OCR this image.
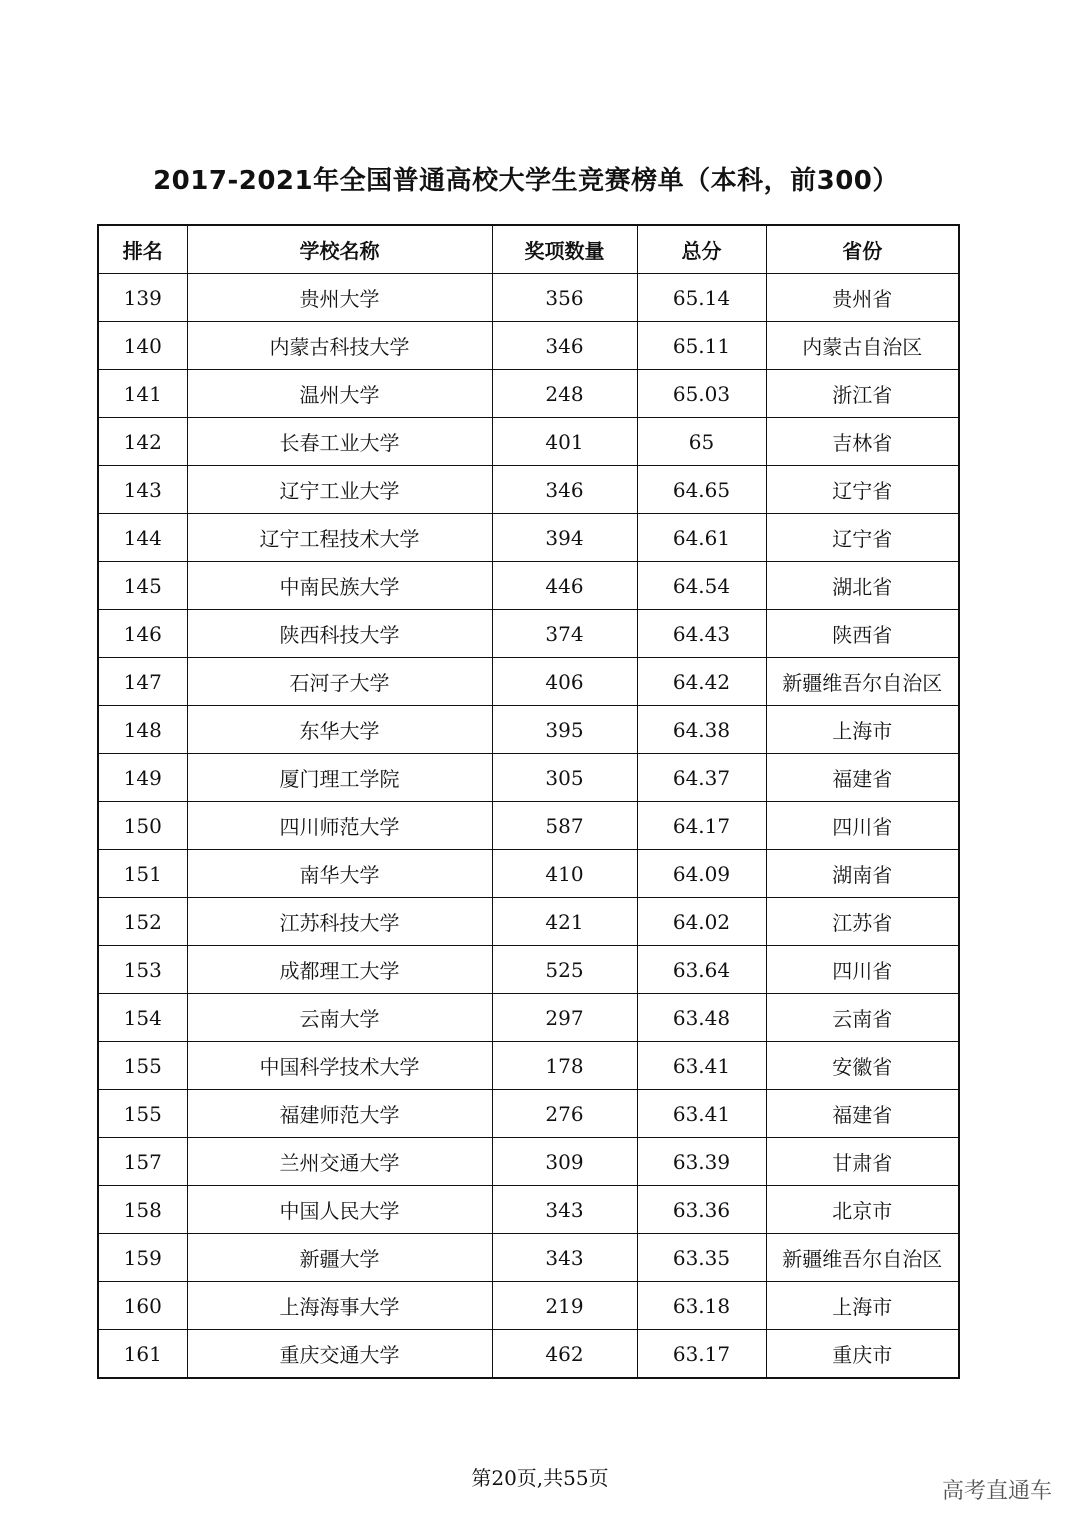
2017-2021年全国普通高校大学生竞赛榜单（本科，前300）
排名	学校名称	奖项数量	总分	省份
139	贵州大学	356	65.14	贵州省
140	内蒙古科技大学	346	65.11	内蒙古自治区
141	温州大学	248	65.03	浙江省
142	长春工业大学	401	65	吉林省
143	辽宁工业大学	346	64.65	辽宁省
144	辽宁工程技术大学	394	64.61	辽宁省
145	中南民族大学	446	64.54	湖北省
146	陕西科技大学	374	64.43	陕西省
147	石河子大学	406	64.42	新疆维吾尔自治区
148	东华大学	395	64.38	上海市
149	厦门理工学院	305	64.37	福建省
150	四川师范大学	587	64.17	四川省
151	南华大学	410	64.09	湖南省
152	江苏科技大学	421	64.02	江苏省
153	成都理工大学	525	63.64	四川省
154	云南大学	297	63.48	云南省
155	中国科学技术大学	178	63.41	安徽省
155	福建师范大学	276	63.41	福建省
157	兰州交通大学	309	63.39	甘肃省
158	中国人民大学	343	63.36	北京市
159	新疆大学	343	63.35	新疆维吾尔自治区
160	上海海事大学	219	63.18	上海市
161	重庆交通大学	462	63.17	重庆市
第20页,共55页
高考直通车
